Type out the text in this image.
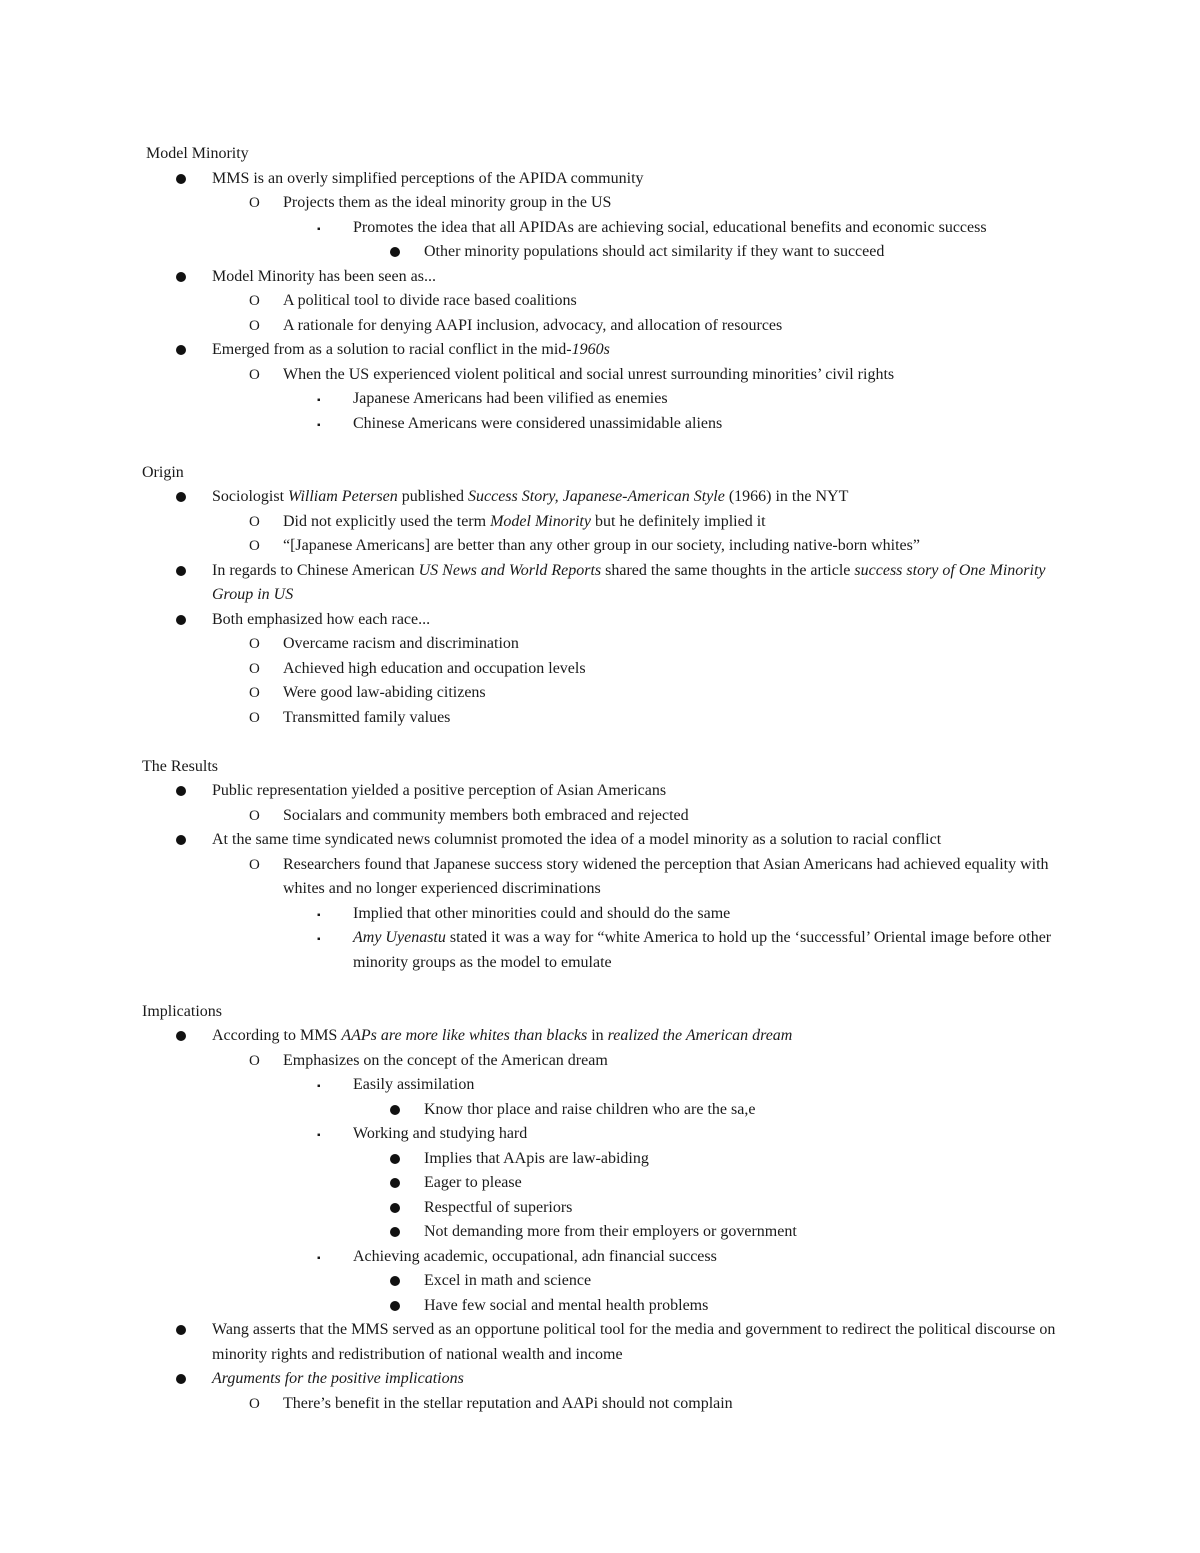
Model Minority
MMS is an overly simplified perceptions of the APIDA community
O Projects them as the ideal minority group in the US
▪ Promotes the idea that all APIDAs are achieving social, educational benefits and economic success
Other minority populations should act similarity if they want to succeed
Model Minority has been seen as...
O A political tool to divide race based coalitions
O A rationale for denying AAPI inclusion, advocacy, and allocation of resources
Emerged from as a solution to racial conflict in the mid-1960s
O When the US experienced violent political and social unrest surrounding minorities’ civil rights
▪ Japanese Americans had been vilified as enemies
▪ Chinese Americans were considered unassimidable aliens
Origin
Sociologist William Petersen published Success Story, Japanese-American Style (1966) in the NYT
O Did not explicitly used the term Model Minority but he definitely implied it
O “[Japanese Americans] are better than any other group in our society, including native-born whites”
In regards to Chinese American US News and World Reports shared the same thoughts in the article success story of One Minority Group in US
Both emphasized how each race...
O Overcame racism and discrimination
O Achieved high education and occupation levels
O Were good law-abiding citizens
O Transmitted family values
The Results
Public representation yielded a positive perception of Asian Americans
O Socialars and community members both embraced and rejected
At the same time syndicated news columnist promoted the idea of a model minority as a solution to racial conflict
O Researchers found that Japanese success story widened the perception that Asian Americans had achieved equality with whites and no longer experienced discriminations
▪ Implied that other minorities could and should do the same
▪ Amy Uyenastu stated it was a way for “white America to hold up the ‘successful’ Oriental image before other minority groups as the model to emulate
Implications
According to MMS AAPs are more like whites than blacks in realized the American dream
O Emphasizes on the concept of the American dream
▪ Easily assimilation
Know thor place and raise children who are the sa,e
▪ Working and studying hard
Implies that AApis are law-abiding
Eager to please
Respectful of superiors
Not demanding more from their employers or government
▪ Achieving academic, occupational, adn financial success
Excel in math and science
Have few social and mental health problems
Wang asserts that the MMS served as an opportune political tool for the media and government to redirect the political discourse on minority rights and redistribution of national wealth and income
Arguments for the positive implications
O There’s benefit in the stellar reputation and AAPi should not complain
